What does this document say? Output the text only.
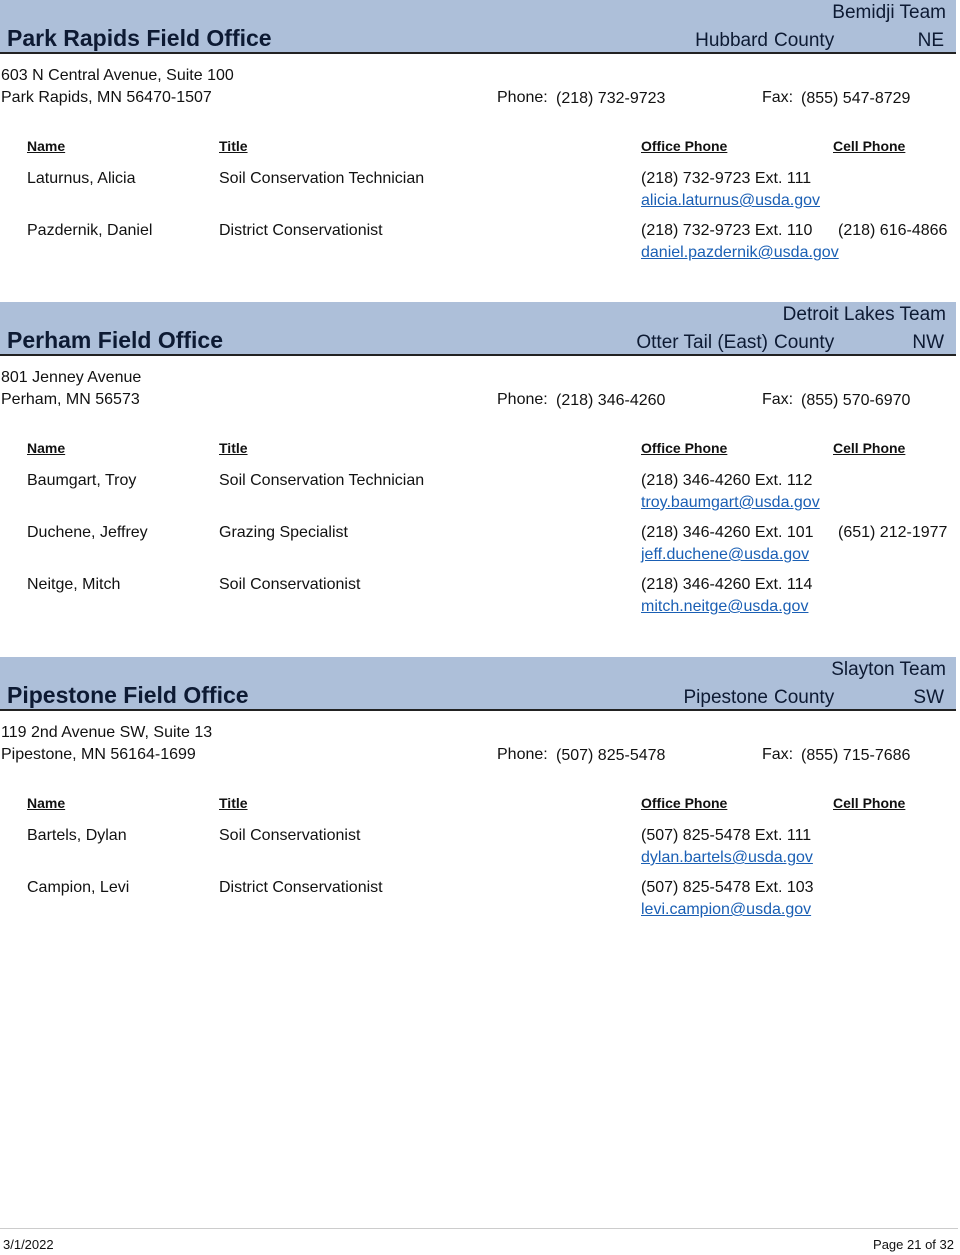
Park Rapids Field Office
Bemidji Team
Hubbard County	NE
603 N Central Avenue, Suite 100
Park Rapids, MN 56470-1507	Phone: (218) 732-9723	Fax: (855) 547-8729
Name	Title	Office Phone	Cell Phone
Laturnus, Alicia	Soil Conservation Technician	(218) 732-9723 Ext. 111
alicia.laturnus@usda.gov
Pazdernik, Daniel	District Conservationist	(218) 732-9723 Ext. 110 (218) 616-4866
daniel.pazdernik@usda.gov
Perham Field Office
Detroit Lakes Team
Otter Tail (East) County	NW
801 Jenney Avenue
Perham, MN 56573	Phone: (218) 346-4260	Fax: (855) 570-6970
Name	Title	Office Phone	Cell Phone
Baumgart, Troy	Soil Conservation Technician	(218) 346-4260 Ext. 112
troy.baumgart@usda.gov
Duchene, Jeffrey	Grazing Specialist	(218) 346-4260 Ext. 101 (651) 212-1977
jeff.duchene@usda.gov
Neitge, Mitch	Soil Conservationist	(218) 346-4260 Ext. 114
mitch.neitge@usda.gov
Pipestone Field Office
Slayton Team
Pipestone County	SW
119 2nd Avenue SW, Suite 13
Pipestone, MN 56164-1699	Phone: (507) 825-5478	Fax: (855) 715-7686
Name	Title	Office Phone	Cell Phone
Bartels, Dylan	Soil Conservationist	(507) 825-5478 Ext. 111
dylan.bartels@usda.gov
Campion, Levi	District Conservationist	(507) 825-5478 Ext. 103
levi.campion@usda.gov
3/1/2022	Page 21 of 32
